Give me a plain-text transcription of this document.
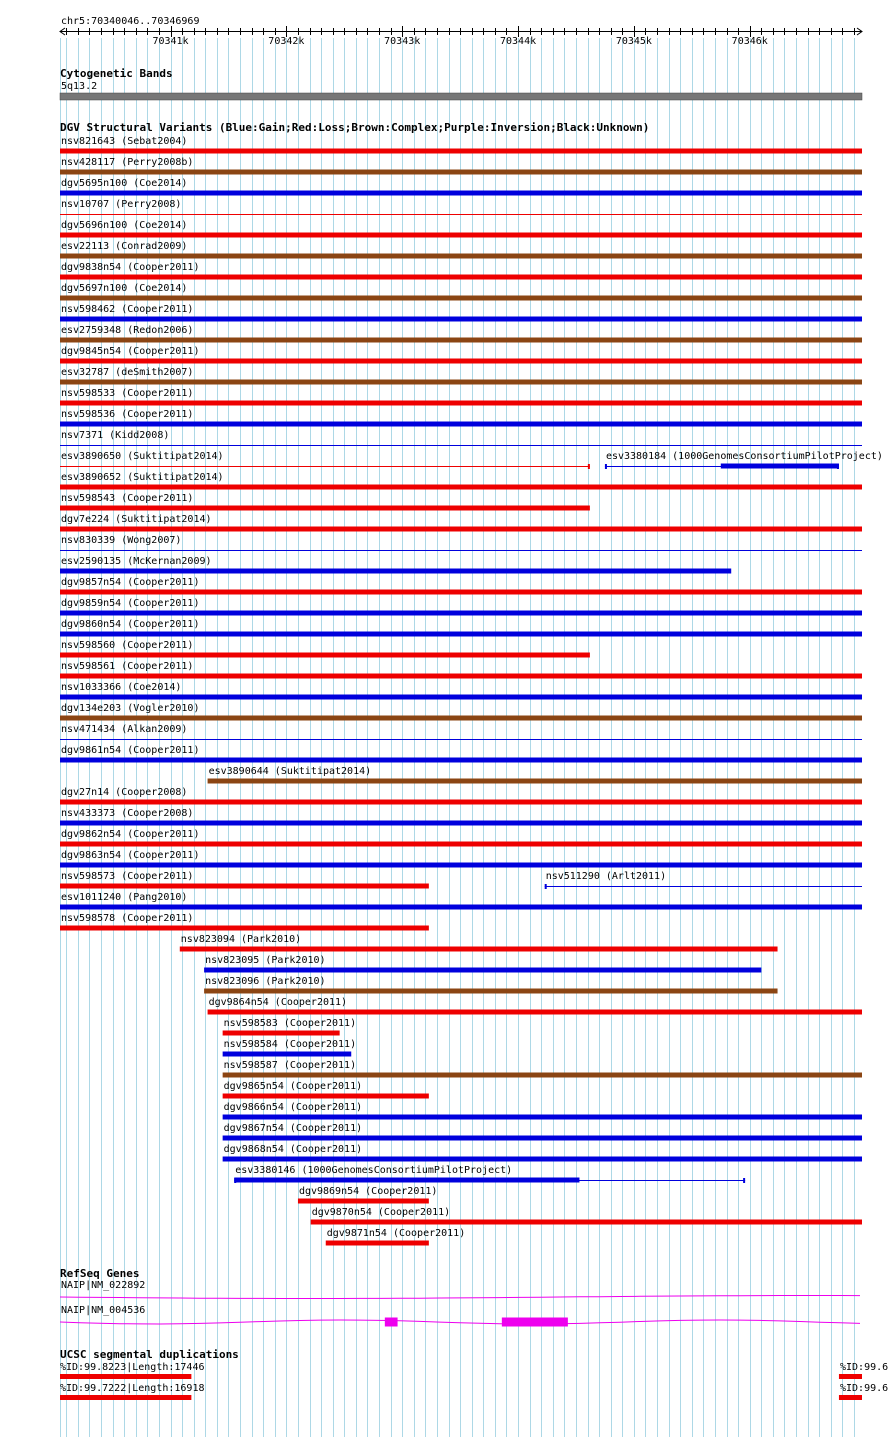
chr5:70340046..70346969
70341k	70342k	70343k	70344k	70345k	70346k
Cytogenetic Bands
5q13.2
DGV Structural Variants (Blue:Gain;Red:Loss;Brown:Complex;Purple:Inversion;Black:Unknown)
nsv821643 (Sebat2004)
nsv428117 (Perry2008b)
dgv5695n100 (Coe2014)
nsv10707 (Perry2008)
dgv5696n100 (Coe2014)
esv22113 (Conrad2009)
dgv9838n54 (Cooper2011)
dgv5697n100 (Coe2014)
nsv598462 (Cooper2011)
esv2759348 (Redon2006)
dgv9845n54 (Cooper2011)
esv32787 (deSmith2007)
nsv598533 (Cooper2011)
nsv598536 (Cooper2011)
nsv7371 (Kidd2008)
esv3890650 (Suktitipat2014)	esv3380184 (1000GenomesConsortiumPilotProject)
esv3890652 (Suktitipat2014)
nsv598543 (Cooper2011)
dgv7e224 (Suktitipat2014)
nsv830339 (Wong2007)
esv2590135 (McKernan2009)
dgv9857n54 (Cooper2011)
dgv9859n54 (Cooper2011)
dgv9860n54 (Cooper2011)
nsv598560 (Cooper2011)
nsv598561 (Cooper2011)
nsv1033366 (Coe2014)
dgv134e203 (Vogler2010)
nsv471434 (Alkan2009)
dgv9861n54 (Cooper2011)
esv3890644 (Suktitipat2014)
dgv27n14 (Cooper2008)
nsv433373 (Cooper2008)
dgv9862n54 (Cooper2011)
dgv9863n54 (Cooper2011)
nsv598573 (Cooper2011)	nsv511290 (Arlt2011)
esv1011240 (Pang2010)
nsv598578 (Cooper2011)
nsv823094 (Park2010)
nsv823095 (Park2010)
nsv823096 (Park2010)
dgv9864n54 (Cooper2011)
nsv598583 (Cooper2011)
nsv598584 (Cooper2011)
nsv598587 (Cooper2011)
dgv9865n54 (Cooper2011)
dgv9866n54 (Cooper2011)
dgv9867n54 (Cooper2011)
dgv9868n54 (Cooper2011)
esv3380146 (1000GenomesConsortiumPilotProject)
dgv9869n54 (Cooper2011)
dgv9870n54 (Cooper2011)
dgv9871n54 (Cooper2011)
RefSeq Genes
NAIP|NM_022892
NAIP|NM_004536
UCSC segmental duplications
%ID:99.8223|Length:17446	%ID:99.6
%ID:99.7222|Length:16918	%ID:99.6
